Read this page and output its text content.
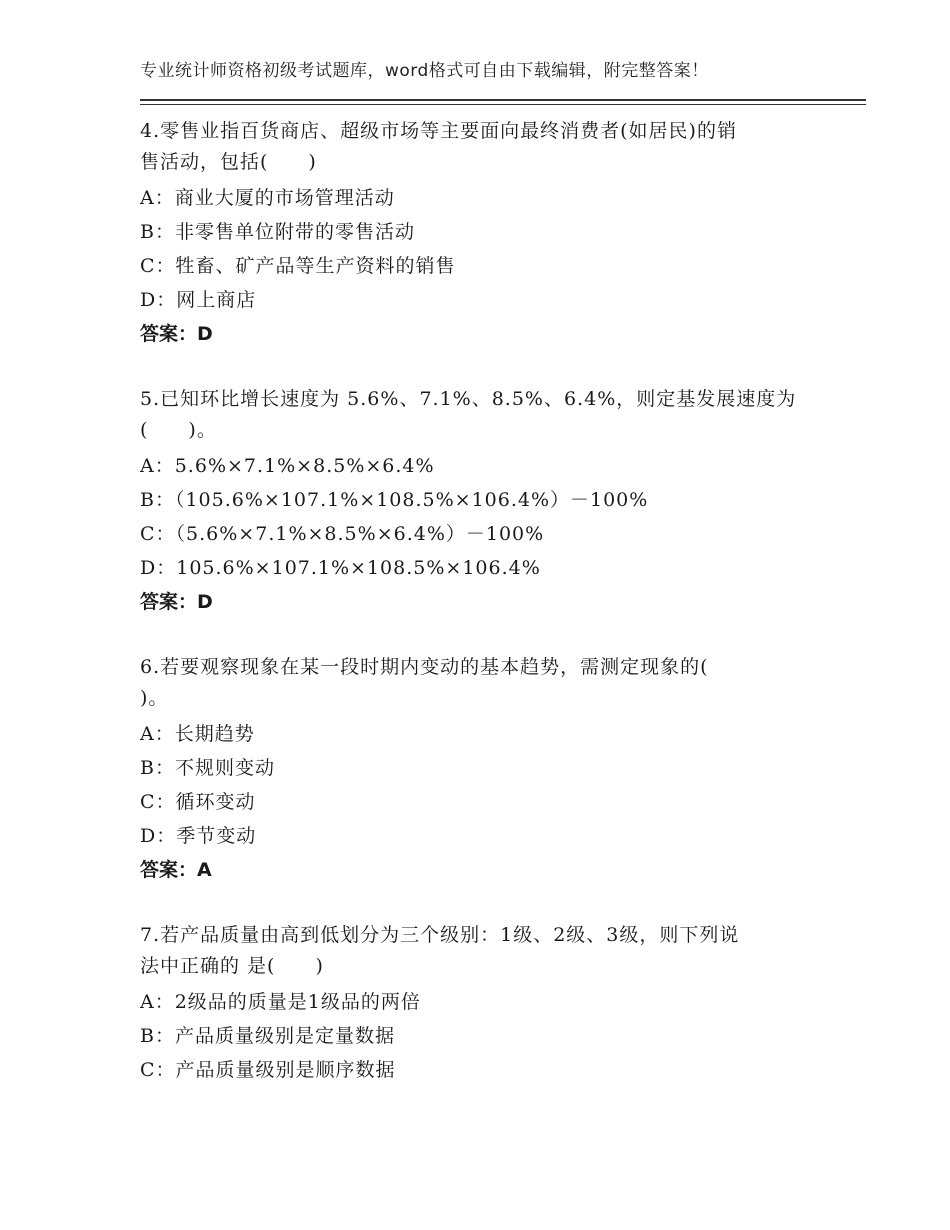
专业统计师资格初级考试题库，word格式可自由下载编辑，附完整答案！
4.零售业指百货商店、超级市场等主要面向最终消费者(如居民)的销
售活动，包括(　　)
A：商业大厦的市场管理活动
B：非零售单位附带的零售活动
C：牲畜、矿产品等生产资料的销售
D：网上商店
答案：D
5.已知环比增长速度为 5.6%、7.1%、8.5%、6.4%，则定基发展速度为
(　　)。
A：5.6%×7.1%×8.5%×6.4%
B：（105.6%×107.1%×108.5%×106.4%）－100%
C：（5.6%×7.1%×8.5%×6.4%）－100%
D：105.6%×107.1%×108.5%×106.4%
答案：D
6.若要观察现象在某一段时期内变动的基本趋势，需测定现象的(
)。
A：长期趋势
B：不规则变动
C：循环变动
D：季节变动
答案：A
7.若产品质量由高到低划分为三个级别：1级、2级、3级，则下列说
法中正确的 是(　　)
A：2级品的质量是1级品的两倍
B：产品质量级别是定量数据
C：产品质量级别是顺序数据
